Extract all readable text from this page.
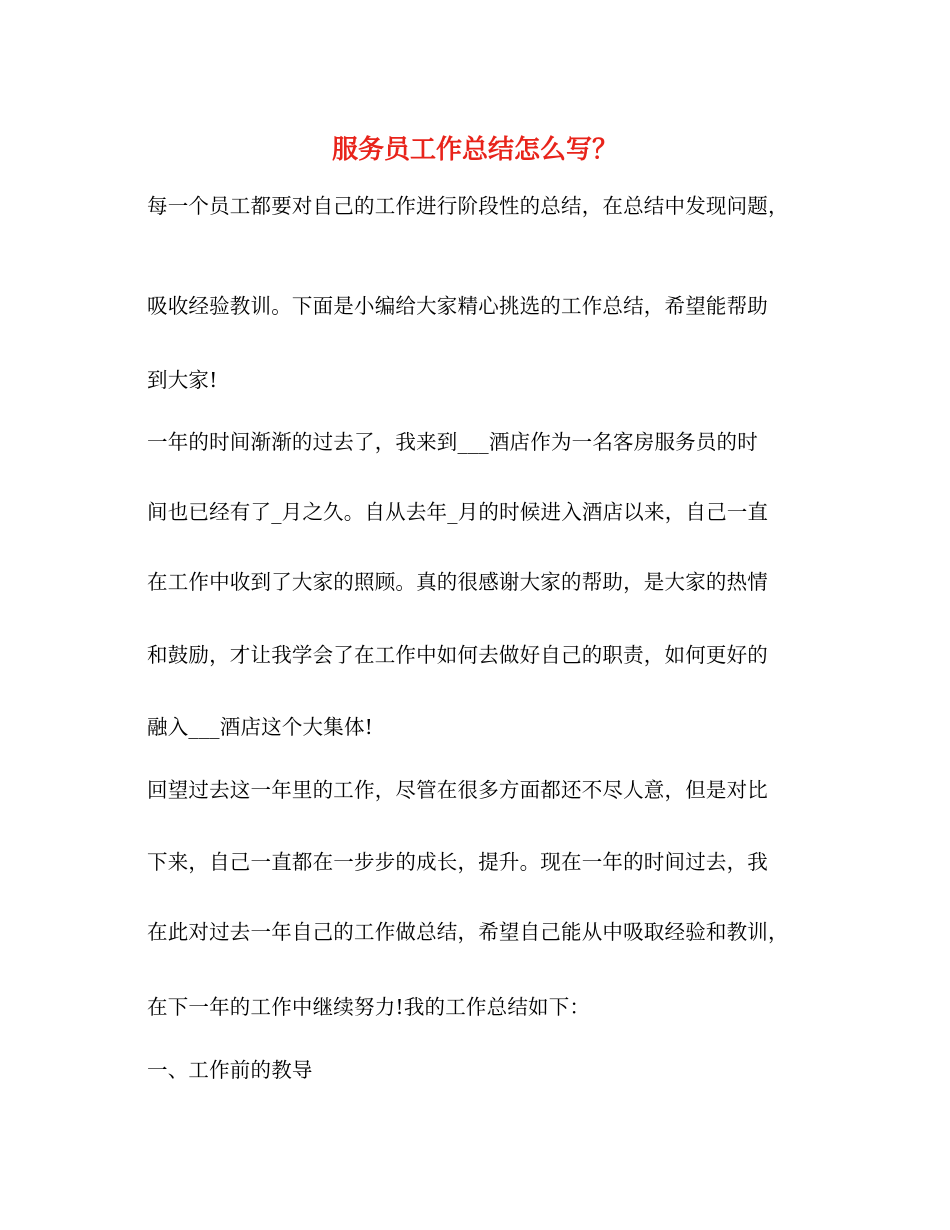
服务员工作总结怎么写？
每一个员工都要对自己的工作进行阶段性的总结，在总结中发现问题，
吸收经验教训。下面是小编给大家精心挑选的工作总结，希望能帮助
到大家!
一年的时间渐渐的过去了，我来到___酒店作为一名客房服务员的时
间也已经有了_月之久。自从去年_月的时候进入酒店以来，自己一直
在工作中收到了大家的照顾。真的很感谢大家的帮助，是大家的热情
和鼓励，才让我学会了在工作中如何去做好自己的职责，如何更好的
融入___酒店这个大集体!
回望过去这一年里的工作，尽管在很多方面都还不尽人意，但是对比
下来，自己一直都在一步步的成长，提升。现在一年的时间过去，我
在此对过去一年自己的工作做总结，希望自己能从中吸取经验和教训，
在下一年的工作中继续努力!我的工作总结如下：
一、工作前的教导
